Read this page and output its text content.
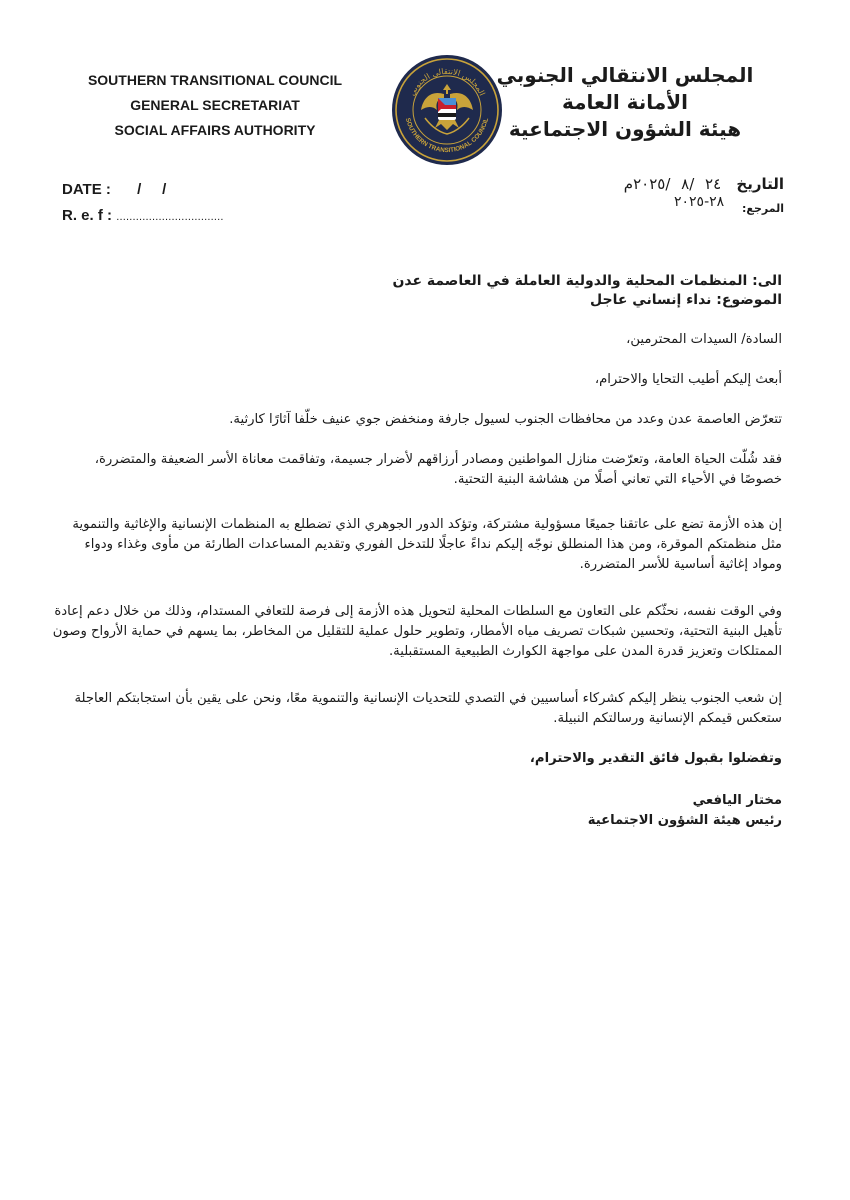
SOUTHERN TRANSITIONAL COUNCIL
GENERAL SECRETARIAT
SOCIAL AFFAIRS AUTHORITY
المجلس الانتقالي الجنوبي
SOUTHERN TRANSITIONAL COUNCIL
المجلس الانتقالي الجنوبي
الأمانة العامة
هيئة الشؤون الاجتماعية
DATE : /     /
R. e. f : .................................
التاريخ ٢٤ /٨ /٢٠٢٥م
المرجع: ٢٨-٢٠٢٥

الى: المنظمات المحلية والدولية العاملة في العاصمة عدن

الموضوع: نداء إنساني عاجل

السادة/ السيدات المحترمين،

أبعث إليكم أطيب التحايا والاحترام،

تتعرّض العاصمة عدن وعدد من محافظات الجنوب لسيول جارفة ومنخفض جوي عنيف خلّفا آثارًا كارثية.

فقد شُلّت الحياة العامة، وتعرّضت منازل المواطنين ومصادر أرزاقهم لأضرار جسيمة، وتفاقمت معاناة الأسر الضعيفة والمتضررة، خصوصًا في الأحياء التي تعاني أصلًا من هشاشة البنية التحتية.

إن هذه الأزمة تضع على عاتقنا جميعًا مسؤولية مشتركة، وتؤكد الدور الجوهري الذي تضطلع به المنظمات الإنسانية والإغاثية والتنموية مثل منظمتكم الموقرة، ومن هذا المنطلق نوجّه إليكم نداءً عاجلًا للتدخل الفوري وتقديم المساعدات الطارئة من مأوى وغذاء ودواء ومواد إغاثية أساسية للأسر المتضررة.

وفي الوقت نفسه، نحثّكم على التعاون مع السلطات المحلية لتحويل هذه الأزمة إلى فرصة للتعافي المستدام، وذلك من خلال دعم إعادة تأهيل البنية التحتية، وتحسين شبكات تصريف مياه الأمطار، وتطوير حلول عملية للتقليل من المخاطر، بما يسهم في حماية الأرواح وصون الممتلكات وتعزيز قدرة المدن على مواجهة الكوارث الطبيعية المستقبلية.

إن شعب الجنوب ينظر إليكم كشركاء أساسيين في التصدي للتحديات الإنسانية والتنموية معًا، ونحن على يقين بأن استجابتكم العاجلة ستعكس قيمكم الإنسانية ورسالتكم النبيلة.

وتفضلوا بقبول فائق التقدير والاحترام،

مختار اليافعي

رئيس هيئة الشؤون الاجتماعية
